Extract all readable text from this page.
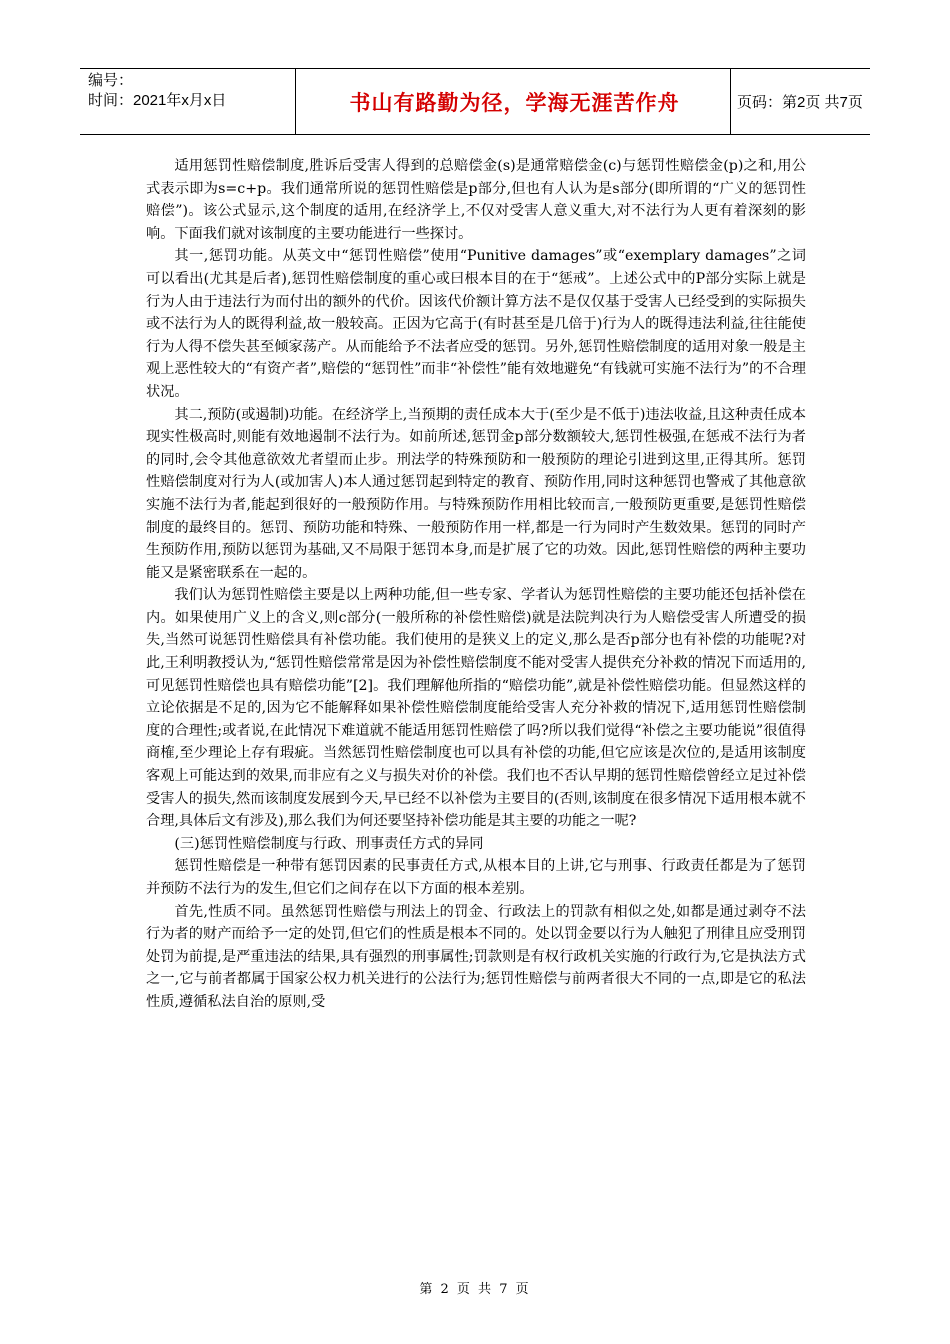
编号：
时间：2021年x月x日	书山有路勤为径，学海无涯苦作舟	页码：第2页 共7页

适用惩罚性赔偿制度,胜诉后受害人得到的总赔偿金(s)是通常赔偿金(c)与惩罚性赔偿金(p)之和,用公式表示即为s=c+p。我们通常所说的惩罚性赔偿是p部分,但也有人认为是s部分(即所谓的“广义的惩罚性赔偿”)。该公式显示,这个制度的适用,在经济学上,不仅对受害人意义重大,对不法行为人更有着深刻的影响。下面我们就对该制度的主要功能进行一些探讨。

其一,惩罚功能。从英文中“惩罚性赔偿”使用“Punitive damages”或“exemplary damages”之词可以看出(尤其是后者),惩罚性赔偿制度的重心或曰根本目的在于“惩戒”。上述公式中的P部分实际上就是行为人由于违法行为而付出的额外的代价。因该代价额计算方法不是仅仅基于受害人已经受到的实际损失或不法行为人的既得利益,故一般较高。正因为它高于(有时甚至是几倍于)行为人的既得违法利益,往往能使行为人得不偿失甚至倾家荡产。从而能给予不法者应受的惩罚。另外,惩罚性赔偿制度的适用对象一般是主观上恶性较大的“有资产者”,赔偿的“惩罚性”而非“补偿性”能有效地避免“有钱就可实施不法行为”的不合理状况。

其二,预防(或遏制)功能。在经济学上,当预期的责任成本大于(至少是不低于)违法收益,且这种责任成本现实性极高时,则能有效地遏制不法行为。如前所述,惩罚金p部分数额较大,惩罚性极强,在惩戒不法行为者的同时,会令其他意欲效尤者望而止步。刑法学的特殊预防和一般预防的理论引进到这里,正得其所。惩罚性赔偿制度对行为人(或加害人)本人通过惩罚起到特定的教育、预防作用,同时这种惩罚也警戒了其他意欲实施不法行为者,能起到很好的一般预防作用。与特殊预防作用相比较而言,一般预防更重要,是惩罚性赔偿制度的最终目的。惩罚、预防功能和特殊、一般预防作用一样,都是一行为同时产生数效果。惩罚的同时产生预防作用,预防以惩罚为基础,又不局限于惩罚本身,而是扩展了它的功效。因此,惩罚性赔偿的两种主要功能又是紧密联系在一起的。

我们认为惩罚性赔偿主要是以上两种功能,但一些专家、学者认为惩罚性赔偿的主要功能还包括补偿在内。如果使用广义上的含义,则c部分(一般所称的补偿性赔偿)就是法院判决行为人赔偿受害人所遭受的损失,当然可说惩罚性赔偿具有补偿功能。我们使用的是狭义上的定义,那么是否p部分也有补偿的功能呢?对此,王利明教授认为,“惩罚性赔偿常常是因为补偿性赔偿制度不能对受害人提供充分补救的情况下而适用的,可见惩罚性赔偿也具有赔偿功能”[2]。我们理解他所指的“赔偿功能”,就是补偿性赔偿功能。但显然这样的立论依据是不足的,因为它不能解释如果补偿性赔偿制度能给受害人充分补救的情况下,适用惩罚性赔偿制度的合理性;或者说,在此情况下难道就不能适用惩罚性赔偿了吗?所以我们觉得“补偿之主要功能说”很值得商榷,至少理论上存有瑕疵。当然惩罚性赔偿制度也可以具有补偿的功能,但它应该是次位的,是适用该制度客观上可能达到的效果,而非应有之义与损失对价的补偿。我们也不否认早期的惩罚性赔偿曾经立足过补偿受害人的损失,然而该制度发展到今天,早已经不以补偿为主要目的(否则,该制度在很多情况下适用根本就不合理,具体后文有涉及),那么我们为何还要坚持补偿功能是其主要的功能之一呢?

(三)惩罚性赔偿制度与行政、刑事责任方式的异同

惩罚性赔偿是一种带有惩罚因素的民事责任方式,从根本目的上讲,它与刑事、行政责任都是为了惩罚并预防不法行为的发生,但它们之间存在以下方面的根本差别。

首先,性质不同。虽然惩罚性赔偿与刑法上的罚金、行政法上的罚款有相似之处,如都是通过剥夺不法行为者的财产而给予一定的处罚,但它们的性质是根本不同的。处以罚金要以行为人触犯了刑律且应受刑罚处罚为前提,是严重违法的结果,具有强烈的刑事属性;罚款则是有权行政机关实施的行政行为,它是执法方式之一,它与前者都属于国家公权力机关进行的公法行为;惩罚性赔偿与前两者很大不同的一点,即是它的私法性质,遵循私法自治的原则,受

第 2 页 共 7 页
